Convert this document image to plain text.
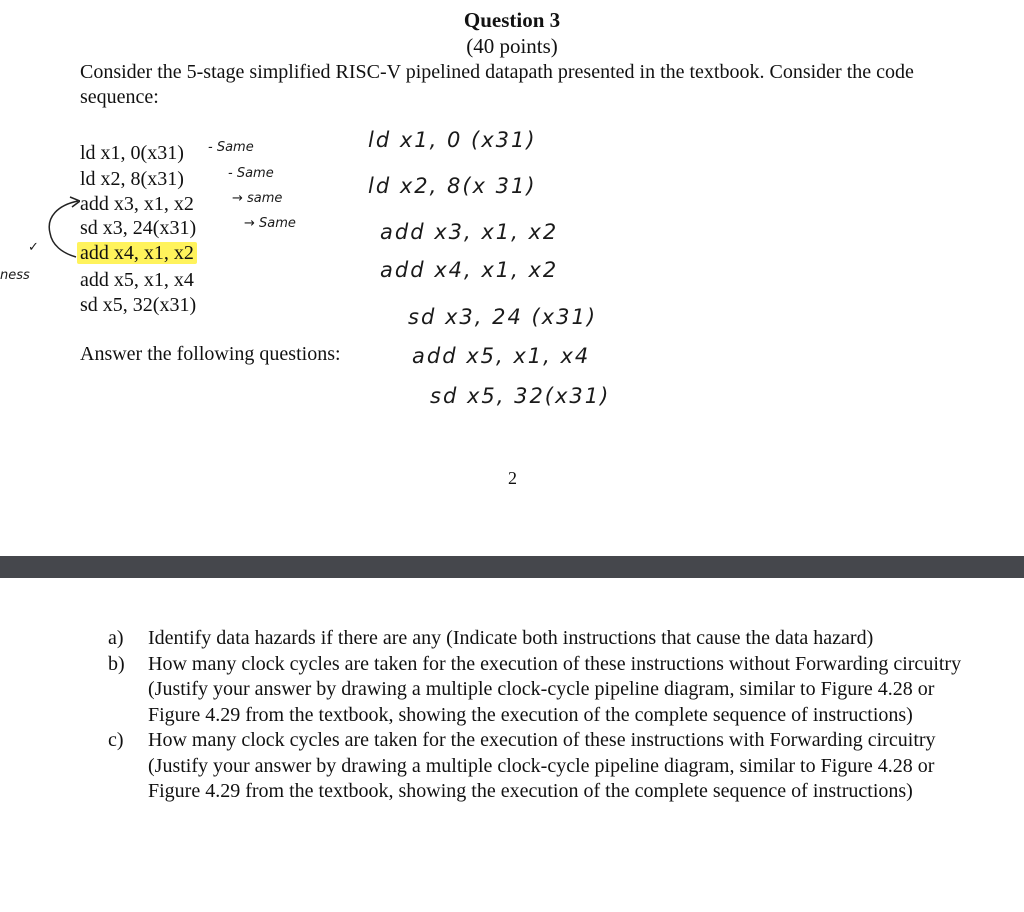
Question 3
(40 points)
Consider the 5-stage simplified RISC-V pipelined datapath presented in the textbook. Consider the code sequence:
ld x1, 0(x31)
ld x2, 8(x31)
add x3, x1, x2
sd x3, 24(x31)
add x4, x1, x2
add x5, x1, x4
sd x5, 32(x31)
- Same
- Same
→ same
→ Same
✓
ness
ld x1, 0 (x31)
ld x2, 8(x 31)
add x3, x1, x2
add x4, x1, x2
sd x3, 24 (x31)
add x5, x1, x4
sd x5, 32(x31)
Answer the following questions:
2
a) Identify data hazards if there are any (Indicate both instructions that cause the data hazard)
b) How many clock cycles are taken for the execution of these instructions without Forwarding circuitry (Justify your answer by drawing a multiple clock-cycle pipeline diagram, similar to Figure 4.28 or Figure 4.29 from the textbook, showing the execution of the complete sequence of instructions)
c) How many clock cycles are taken for the execution of these instructions with Forwarding circuitry (Justify your answer by drawing a multiple clock-cycle pipeline diagram, similar to Figure 4.28 or Figure 4.29 from the textbook, showing the execution of the complete sequence of instructions)
